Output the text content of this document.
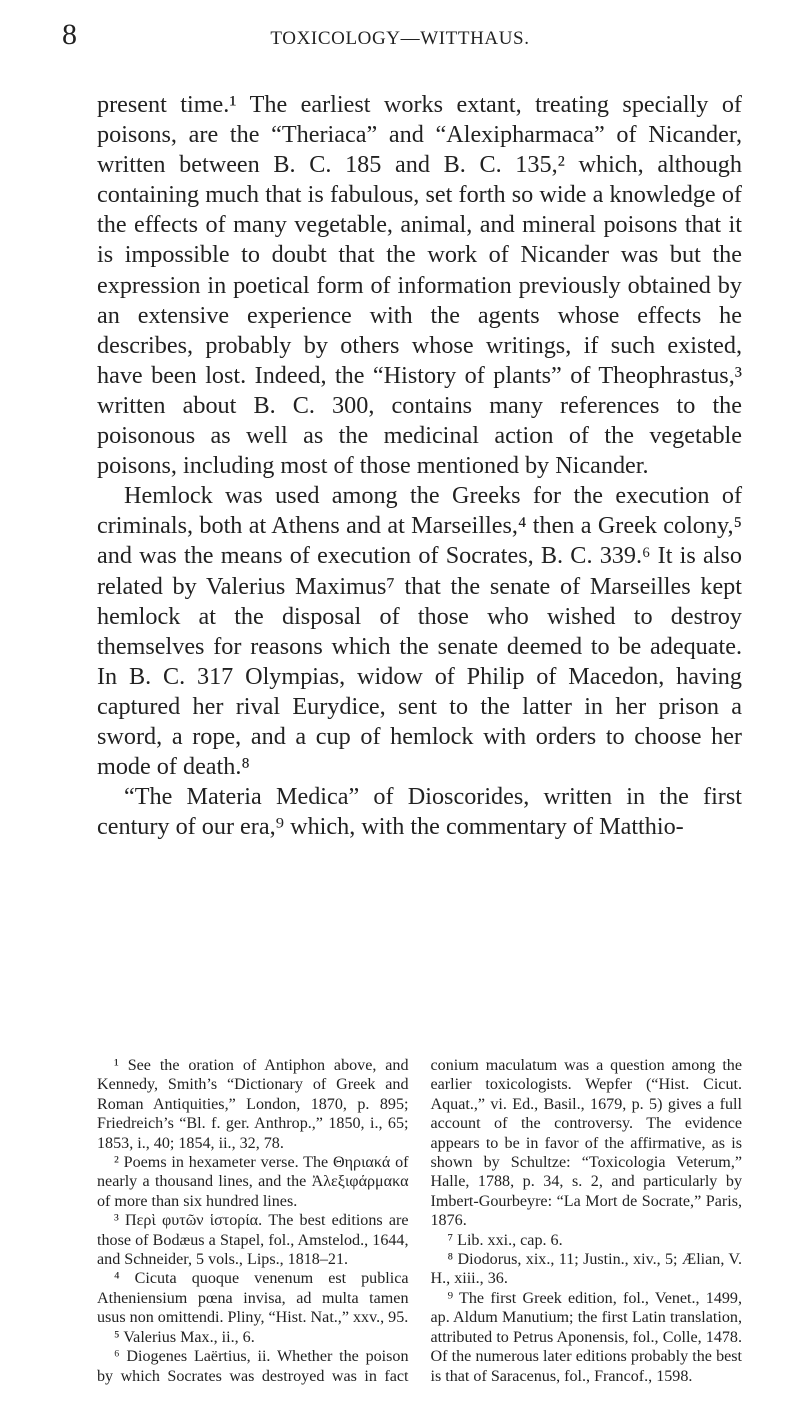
8	TOXICOLOGY—WITTHAUS.

present time.¹ The earliest works extant, treating specially of poisons, are the “Theriaca” and “Alexipharmaca” of Nicander, written between B. C. 185 and B. C. 135,² which, although containing much that is fabulous, set forth so wide a knowledge of the effects of many vegetable, animal, and mineral poisons that it is impossible to doubt that the work of Nicander was but the expression in poetical form of information previously obtained by an extensive experience with the agents whose effects he describes, probably by others whose writings, if such existed, have been lost. Indeed, the “History of plants” of Theophrastus,³ written about B. C. 300, contains many references to the poisonous as well as the medicinal action of the vegetable poisons, including most of those mentioned by Nicander.

Hemlock was used among the Greeks for the execution of criminals, both at Athens and at Marseilles,⁴ then a Greek colony,⁵ and was the means of execution of Socrates, B. C. 339.⁶ It is also related by Valerius Maximus⁷ that the senate of Marseilles kept hemlock at the disposal of those who wished to destroy themselves for reasons which the senate deemed to be adequate. In B. C. 317 Olympias, widow of Philip of Macedon, having captured her rival Eurydice, sent to the latter in her prison a sword, a rope, and a cup of hemlock with orders to choose her mode of death.⁸

“The Materia Medica” of Dioscorides, written in the first century of our era,⁹ which, with the commentary of Matthio-

¹ See the oration of Antiphon above, and Kennedy, Smith’s “Dictionary of Greek and Roman Antiquities,” London, 1870, p. 895; Friedreich’s “Bl. f. ger. Anthrop.,” 1850, i., 65; 1853, i., 40; 1854, ii., 32, 78.

² Poems in hexameter verse. The Θηριακά of nearly a thousand lines, and the Ἀλεξιφάρμακα of more than six hundred lines.

³ Περὶ φυτῶν ἱστορία. The best editions are those of Bodæus a Stapel, fol., Amstelod., 1644, and Schneider, 5 vols., Lips., 1818–21.

⁴ Cicuta quoque venenum est publica Atheniensium pœna invisa, ad multa tamen usus non omittendi. Pliny, “Hist. Nat.,” xxv., 95.

⁵ Valerius Max., ii., 6.

⁶ Diogenes Laërtius, ii. Whether the poison by which Socrates was destroyed was in fact conium maculatum was a question among the earlier toxicologists. Wepfer (“Hist. Cicut. Aquat.,” vi. Ed., Basil., 1679, p. 5) gives a full account of the controversy. The evidence appears to be in favor of the affirmative, as is shown by Schultze: “Toxicologia Veterum,” Halle, 1788, p. 34, s. 2, and particularly by Imbert-Gourbeyre: “La Mort de Socrate,” Paris, 1876.

⁷ Lib. xxi., cap. 6.

⁸ Diodorus, xix., 11; Justin., xiv., 5; Ælian, V. H., xiii., 36.

⁹ The first Greek edition, fol., Venet., 1499, ap. Aldum Manutium; the first Latin translation, attributed to Petrus Aponensis, fol., Colle, 1478. Of the numerous later editions probably the best is that of Saracenus, fol., Francof., 1598.
